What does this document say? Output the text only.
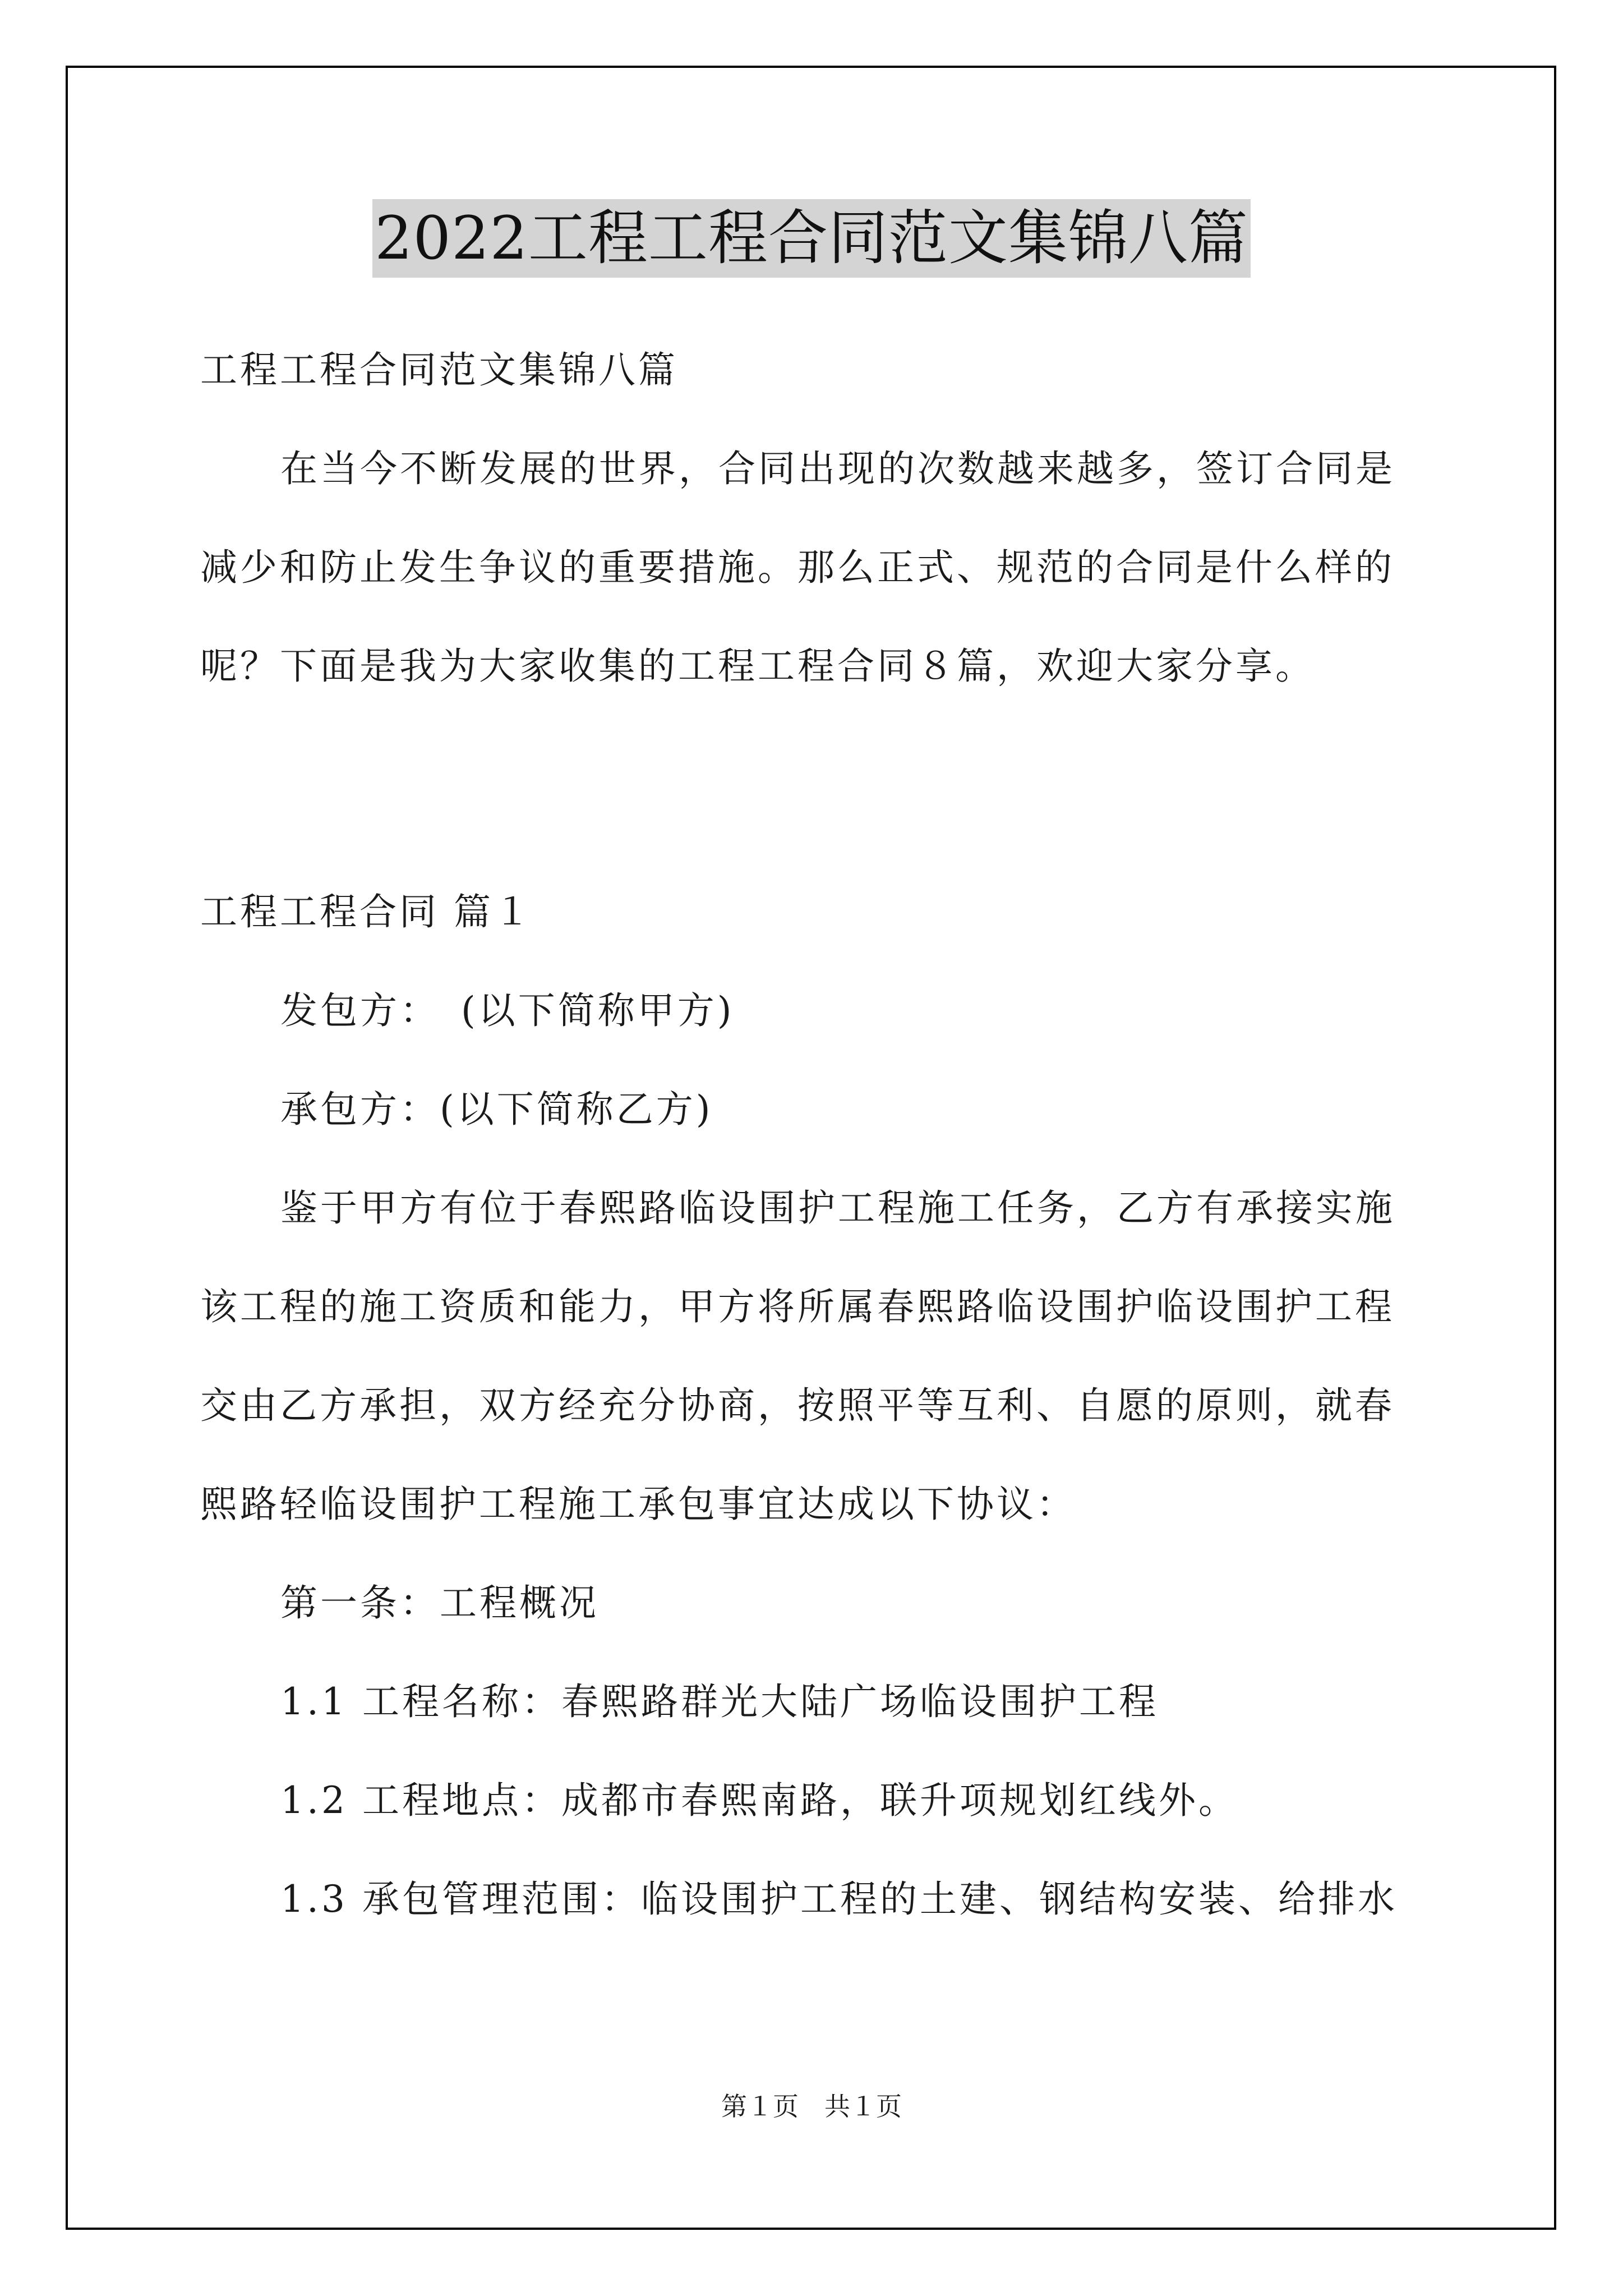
2022工程工程合同范文集锦八篇
工程工程合同范文集锦八篇
在当今不断发展的世界，合同出现的次数越来越多，签订合同是
减少和防止发生争议的重要措施。那么正式、规范的合同是什么样的
呢？下面是我为大家收集的工程工程合同８篇，欢迎大家分享。
工程工程合同 篇１
发包方：　(以下简称甲方)
承包方：(以下简称乙方)
鉴于甲方有位于春熙路临设围护工程施工任务，乙方有承接实施
该工程的施工资质和能力，甲方将所属春熙路临设围护临设围护工程
交由乙方承担，双方经充分协商，按照平等互利、自愿的原则，就春
熙路轻临设围护工程施工承包事宜达成以下协议：
第一条：工程概况
1.1 工程名称：春熙路群光大陆广场临设围护工程
1.2 工程地点：成都市春熙南路，联升项规划红线外。
1.3 承包管理范围：临设围护工程的土建、钢结构安装、给排水
第１页　共１页
